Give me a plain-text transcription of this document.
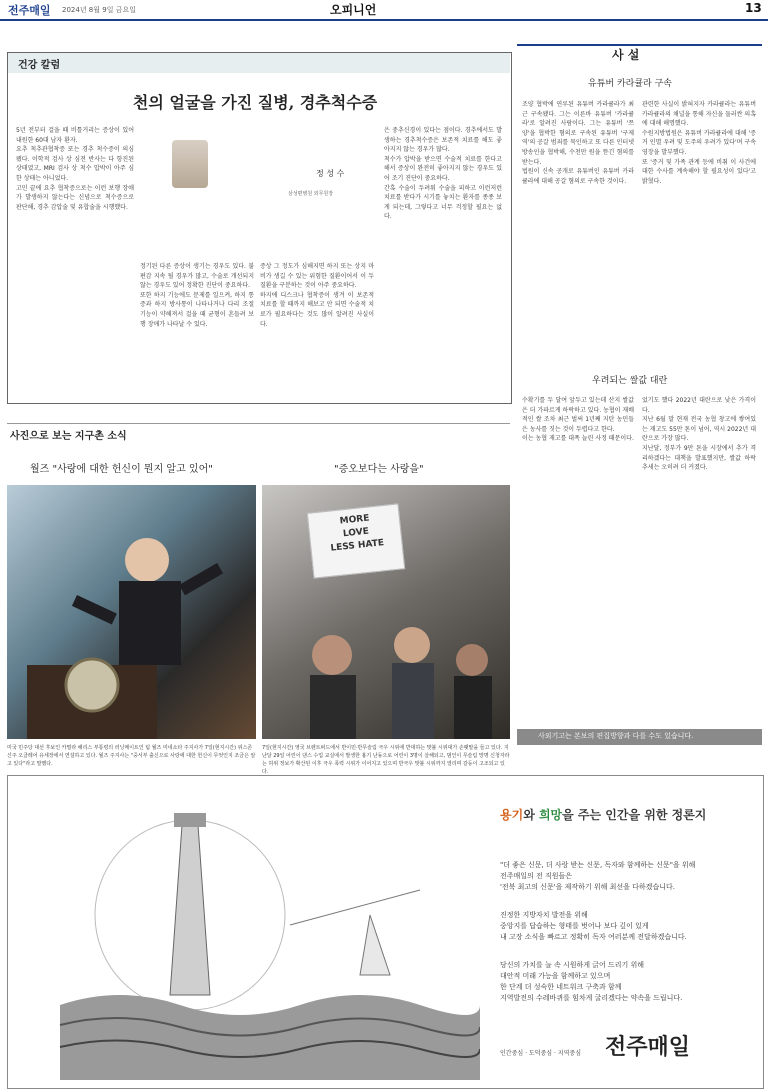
전주매일 2024년 8월 9일 금요일	오피니언	13
건강 칼럼
천의 얼굴을 가진 질병, 경추척수증
정 성 수
삼성편병원 외무원장
5년 전부터 걸을 때 비틀거리는 증상이 있어 내원한 60대 남자 환자.
요추 척추관협착증 또는 경추 척수증이 의심됐다. 이학적 검사 상 심전 반사는 다 항진된 상태였고, MRI 검사 상 척수 압박이 아주 심한 상태는 아니었다.
고민 끝에 요추 협착증으로는 이런 보행 장애가 발생하지 않는다는 신념으로 척수증으로 판단해, 경추 감압술 및 유합술을 시행했다.
정기된 다른 증상이 생기는 경우도 있다. 불편감 지속 될 경우가 많고, 수술로 개선되지 않는 경우도 있어 정확한 진단이 중요하다.
또한 하지 기능에도 문제를 일으켜, 하지 통증과 하지 방사통이 나타나거나 다리 조절 기능이 약해져서 걸을 때 균형이 흔들려 보행 장애가 나타날 수 있다.
증상 그 정도가 심해지면 하지 또는 상지 마비가 생길 수 있는 위험한 질환이어서 이 두 질환을 구분하는 것이 아주 중요하다.
하지에 디스크나 협착증이 생겨 이 보존적 치료를 할 때까지 해보고 안 되면 수술적 치료가 필요하다는 것도 많이 알려진 사실이다.
은 중추신경이 있다는 점이다. 경추에서도 발생하는 경추척수증은 보존적 치료를 해도 좋아지지 않는 경우가 많다.
척수가 압박을 받으면 수술적 치료를 한다고 해서 증상이 완전히 좋아지지 않는 경우도 있어 조기 진단이 중요하다.
간혹 수술이 두려워 수술을 피하고 이런저런 치료를 받다가 시기를 놓치는 환자를 종종 보게 되는데, 그렇다고 너무 걱정할 필요는 없다.
사 설
유튜버 카라큘라 구속
조양 협박에 연루된 유튜버 카라큘라가 최근 구속됐다. 그는 이른바 유튜버 '카라큘라'로 알려진 사람이다. 그는 유튜버 '쯔양'을 협박한 혐의로 구속된 유튜버 '구제역'의 공갈 범죄를 묵인하고 또 다른 인터넷 방송인을 협박해, 수천만 원을 뜯긴 혐의를 받는다.
법원이 신속 공개로 유튜버인 유튜버 카라큘라에 대해 공갈 혐의로 구속한 것이다.
관련한 사실이 밝혀지자 카라큘라는 유튜버 카라큘라의 채널을 통해 자신을 둘러싼 의혹에 대해 해명했다.
수원지방법원은 유튜버 카라큘라에 대해 '증거 인멸 우려 및 도주의 우려가 있다'며 구속영장을 발부했다.
또 '증거 및 가족 관계 등에 비춰 이 사건에 대한 수사를 계속해야 할 필요성이 있다'고 밝혔다.
우려되는 쌀값 대란
수확기를 두 달여 앞두고 있는데 산지 쌀값은 더 가파르게 하락하고 있다. 농협이 재배적인 쌀 조차 최근 벌써 1년째 지탄 농민들은 농사를 짓는 것이 두렵다고 한다.
이는 농협 재고를 대폭 늘린 사정 때문이다.
었기도 했다 2022년 대란으로 낮은 가격이다.
지난 6월 말 현재 전국 농협 창고에 쌓여있는 재고도 55만 톤이 넘어, 역시 2022년 대란으로 가장 많다.
지난달, 정부가 9만 톤을 시장에서 추가 격리하겠다는 대책을 발표했지만, 쌀값 하락 추세는 오히려 더 커졌다.
사외기고는 본보의 편집방향과 다를 수도 있습니다.
사진으로 보는 지구촌 소식
월즈 "사랑에 대한 헌신이 뭔지 알고 있어"	"증오보다는 사랑을"
MORE
LOVE
LESS HATE
미국 민주당 대선 후보인 카멀라 해리스 부통령의 러닝메이트인 팀 월즈 미네소타 주지사가 7일(현지시간) 위스콘신주 오클레어 유세장에서 연설하고 있다. 월즈 주지사는 "중서부 출신으로 사랑에 대한 헌신이 무엇인지 조금은 알고 있다"라고 말했다.
7일(현지시간) 영국 브렌트퍼드에서 반이민·반무슬림 극우 시위에 반대하는 맞불 시위대가 손팻말을 들고 있다. 지난달 29일 어린이 댄스 수업 교실에서 발생한 흉기 난동으로 어린이 3명이 살해되고, 범인이 무슬림 망명 신청자라는 허위 정보가 확산된 이후 극우 폭력 시위가 이어지고 있으며 반극우 맞불 시위까지 열리며 갈등이 고조되고 있다.
용기와 희망을 주는 인간을 위한 정론지
"더 좋은 신문, 더 사랑 받는 신문, 독자와 함께하는 신문"을 위해
전주매일의 전 직원들은
'전북 최고의 신문'을 제작하기 위해 최선을 다하겠습니다.
진정한 지방자치 발전을 위해
중앙지를 답습하는 형태를 벗어나 보다 깊이 있게
내 고장 소식을 빠르고 정확히 독자 여러분께 전달하겠습니다.
당신의 가치를 늘 속 시원하게 긁어 드리기 위해
대안적 미래 가능을 함께하고 있으며
한 단계 더 성숙한 네트워크 구축과 함께
지역발전의 수레바퀴를 힘차게 굴리겠다는 약속을 드립니다.
인간중심 · 도덕중심 · 지역중심 전주매일
